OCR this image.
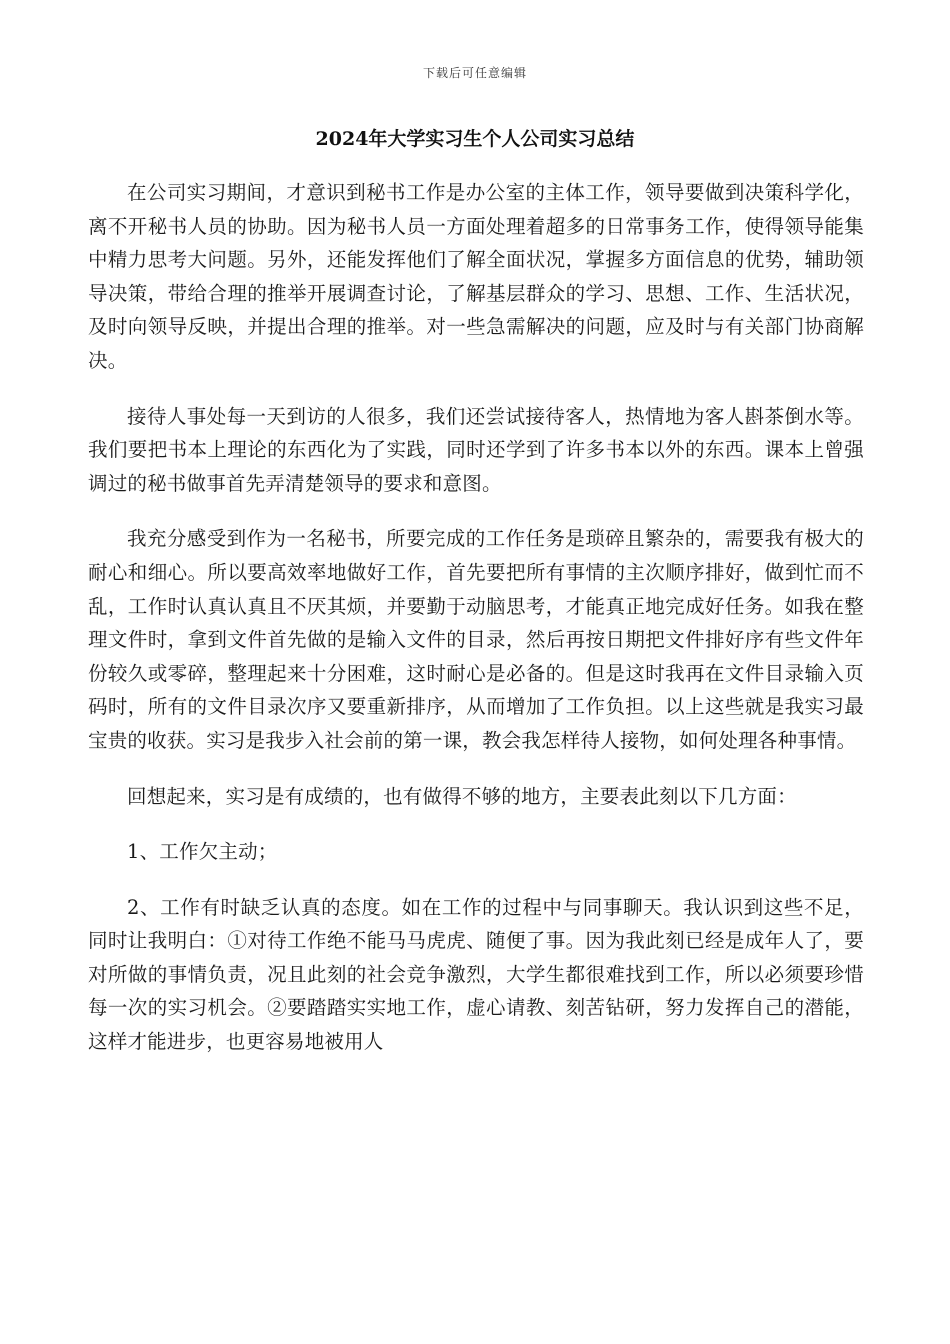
下载后可任意编辑
2024年大学实习生个人公司实习总结

在公司实习期间，才意识到秘书工作是办公室的主体工作，领导要做到决策科学化，离不开秘书人员的协助。因为秘书人员一方面处理着超多的日常事务工作，使得领导能集中精力思考大问题。另外，还能发挥他们了解全面状况，掌握多方面信息的优势，辅助领导决策，带给合理的推举开展调查讨论，了解基层群众的学习、思想、工作、生活状况，及时向领导反映，并提出合理的推举。对一些急需解决的问题，应及时与有关部门协商解决。

接待人事处每一天到访的人很多，我们还尝试接待客人，热情地为客人斟茶倒水等。我们要把书本上理论的东西化为了实践，同时还学到了许多书本以外的东西。课本上曾强调过的秘书做事首先弄清楚领导的要求和意图。

我充分感受到作为一名秘书，所要完成的工作任务是琐碎且繁杂的，需要我有极大的耐心和细心。所以要高效率地做好工作，首先要把所有事情的主次顺序排好，做到忙而不乱，工作时认真认真且不厌其烦，并要勤于动脑思考，才能真正地完成好任务。如我在整理文件时，拿到文件首先做的是输入文件的目录，然后再按日期把文件排好序有些文件年份较久或零碎，整理起来十分困难，这时耐心是必备的。但是这时我再在文件目录输入页码时，所有的文件目录次序又要重新排序，从而增加了工作负担。以上这些就是我实习最宝贵的收获。实习是我步入社会前的第一课，教会我怎样待人接物，如何处理各种事情。

回想起来，实习是有成绩的，也有做得不够的地方，主要表此刻以下几方面：

1、工作欠主动；

2、工作有时缺乏认真的态度。如在工作的过程中与同事聊天。我认识到这些不足，同时让我明白：①对待工作绝不能马马虎虎、随便了事。因为我此刻已经是成年人了，要对所做的事情负责，况且此刻的社会竞争激烈，大学生都很难找到工作，所以必须要珍惜每一次的实习机会。②要踏踏实实地工作，虚心请教、刻苦钻研，努力发挥自己的潜能，这样才能进步，也更容易地被用人
